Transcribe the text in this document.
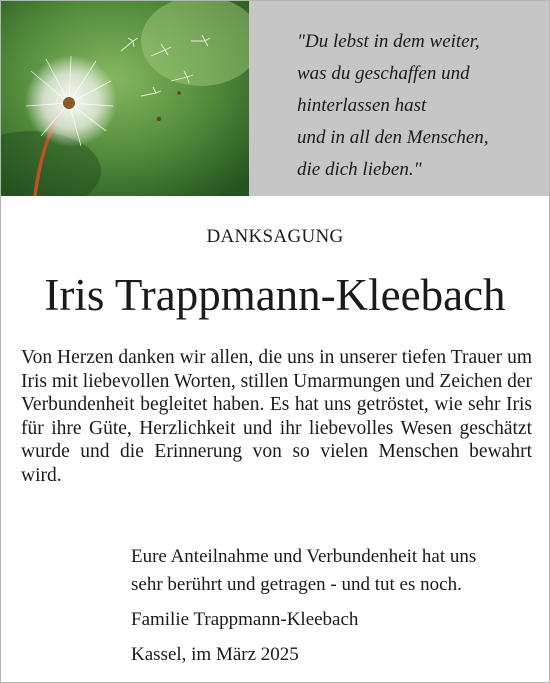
"Du lebst in dem weiter,
was du geschaffen und
hinterlassen hast
und in all den Menschen,
die dich lieben."
DANKSAGUNG
Iris Trappmann-Kleebach
Von Herzen danken wir allen, die uns in unserer tiefen Trauer um Iris mit liebevollen Worten, stillen Umarmungen und Zeichen der Verbundenheit begleitet haben. Es hat uns getröstet, wie sehr Iris für ihre Güte, Herzlichkeit und ihr liebevolles Wesen geschätzt wurde und die Erinnerung von so vielen Menschen bewahrt wird.
Eure Anteilnahme und Verbundenheit hat uns
sehr berührt und getragen - und tut es noch.
Familie Trappmann-Kleebach
Kassel, im März 2025
